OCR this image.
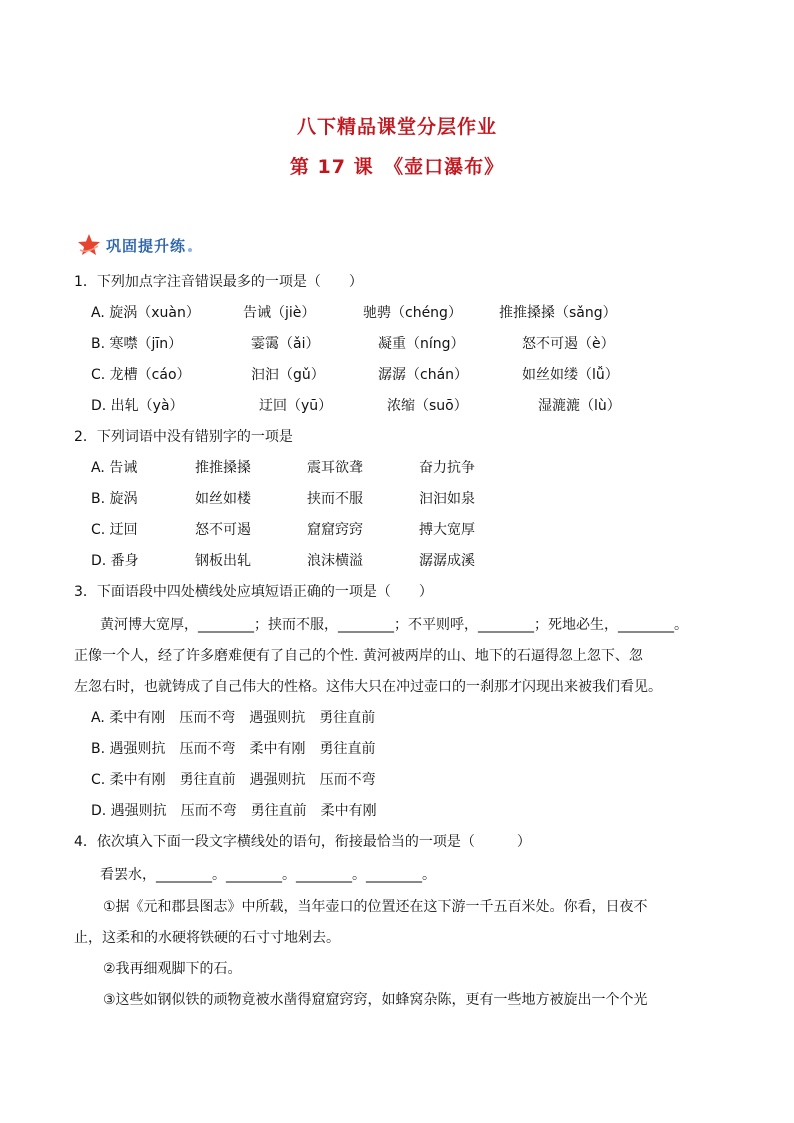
八下精品课堂分层作业
第 17 课　《壶口瀑布》
巩固提升练
1．下列加点字注音错误最多的一项是（　　）
A. 旋涡（xuàn）	告诫（jiè）	驰骋（chéng）	推推搡搡（sǎng）
B. 寒噤（jīn）	霎霭（ǎi）	凝重（níng）	怒不可遏（è）
C. 龙槽（cáo）	汩汩（gǔ）	潺潺（chán）	如丝如缕（lǚ）
D. 出轧（yà）	迂回（yū）	浓缩（suō）	湿漉漉（lù）
2．下列词语中没有错别字的一项是
A. 告诫	推推搡搡	震耳欲聋	奋力抗争
B. 旋涡	如丝如楼	挟而不服	汩汩如泉
C. 迂回	怒不可遏	窟窟窍窍	搏大宽厚
D. 番身	钢板出轧	浪沫横溢	潺潺成溪
3．下面语段中四处横线处应填短语正确的一项是（　　）
黄河博大宽厚，________；挟而不服，________；不平则呼，________；死地必生，________。
正像一个人，经了许多磨难便有了自己的个性. 黄河被两岸的山、地下的石逼得忽上忽下、忽
左忽右时，也就铸成了自己伟大的性格。这伟大只在冲过壶口的一刹那才闪现出来被我们看见。
A. 柔中有刚　压而不弯　遇强则抗　勇往直前
B. 遇强则抗　压而不弯　柔中有刚　勇往直前
C. 柔中有刚　勇往直前　遇强则抗　压而不弯
D. 遇强则抗　压而不弯　勇往直前　柔中有刚
4．依次填入下面一段文字横线处的语句，衔接最恰当的一项是（　　　）
看罢水，________。________。________。________。
①据《元和郡县图志》中所载，当年壶口的位置还在这下游一千五百米处。你看，日夜不
止，这柔和的水硬将铁硬的石寸寸地剁去。
②我再细观脚下的石。
③这些如钢似铁的顽物竟被水凿得窟窟窍窍，如蜂窝杂陈，更有一些地方被旋出一个个光
